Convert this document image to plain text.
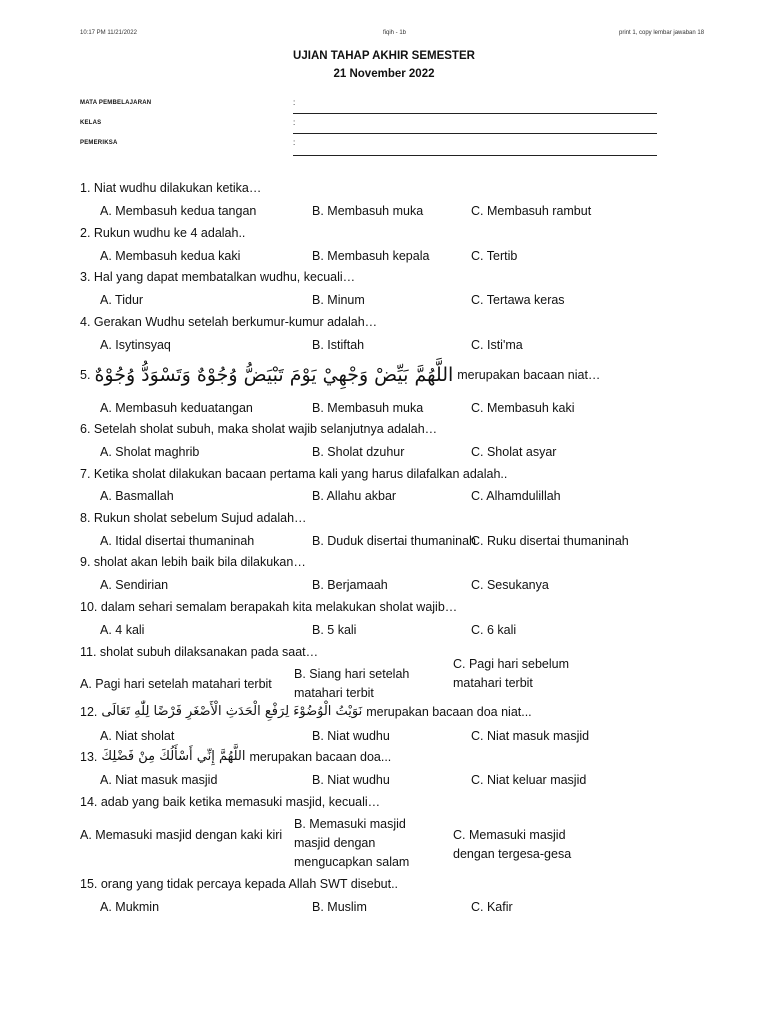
10:17 PM 11/21/2022	fiqih - 1b	print 1, copy lembar jawaban 18
UJIAN TAHAP AKHIR SEMESTER
21 November 2022
MATA PEMBELAJARAN	:
KELAS	:
PEMERIKSA	:
1. Niat wudhu dilakukan ketika…
A. Membasuh kedua tangan	B. Membasuh muka	C. Membasuh rambut
2. Rukun wudhu ke 4 adalah..
A. Membasuh kedua kaki	B. Membasuh kepala	C. Tertib
3. Hal yang dapat membatalkan wudhu, kecuali…
A. Tidur	B. Minum	C. Tertawa keras
4. Gerakan Wudhu setelah berkumur-kumur adalah…
A. Isytinsyaq	B. Istiftah	C. Isti'ma
5. اللَّهُمَّ بَيِّضْ وَجْهِيْ يَوْمَ تَبْيَضُّ وُجُوْهٌ وَتَسْوَدُّ وُجُوْهٌ merupakan bacaan niat…
A. Membasuh keduatangan	B. Membasuh muka	C. Membasuh kaki
6. Setelah sholat subuh, maka sholat wajib selanjutnya adalah…
A. Sholat maghrib	B. Sholat dzuhur	C. Sholat asyar
7. Ketika sholat dilakukan bacaan pertama kali yang harus dilafalkan adalah..
A. Basmallah	B. Allahu akbar	C. Alhamdulillah
8. Rukun sholat sebelum Sujud adalah…
A. Itidal disertai thumaninah	B. Duduk disertai thumaninah
C. Ruku disertai thumaninah
9. sholat akan lebih baik bila dilakukan…
A. Sendirian	B. Berjamaah	C. Sesukanya
10. dalam sehari semalam berapakah kita melakukan sholat wajib…
A. 4 kali	B. 5 kali	C. 6 kali
11. sholat subuh dilaksanakan pada saat…
A. Pagi hari setelah matahari terbit
B. Siang hari setelah matahari terbit
C. Pagi hari sebelum matahari terbit
12. نَوَيْتُ الْوُضُوْءَ لِرَفْعِ الْحَدَثِ الْأَصْغَرِ فَرْضًا لِلّٰهِ تَعَالَى merupakan bacaan doa niat...
A. Niat sholat	B. Niat wudhu	C. Niat masuk masjid
13. اللَّهُمَّ إِنِّي أَسْأَلُكَ مِنْ فَضْلِكَ merupakan bacaan doa...
A. Niat masuk masjid	B. Niat wudhu	C. Niat keluar masjid
14. adab yang baik ketika memasuki masjid, kecuali…
A. Memasuki masjid dengan kaki kiri
B. Memasuki masjid masjid dengan mengucapkan salam
C. Memasuki masjid dengan tergesa-gesa
15. orang yang tidak percaya kepada Allah SWT disebut..
A. Mukmin	B. Muslim	C. Kafir
